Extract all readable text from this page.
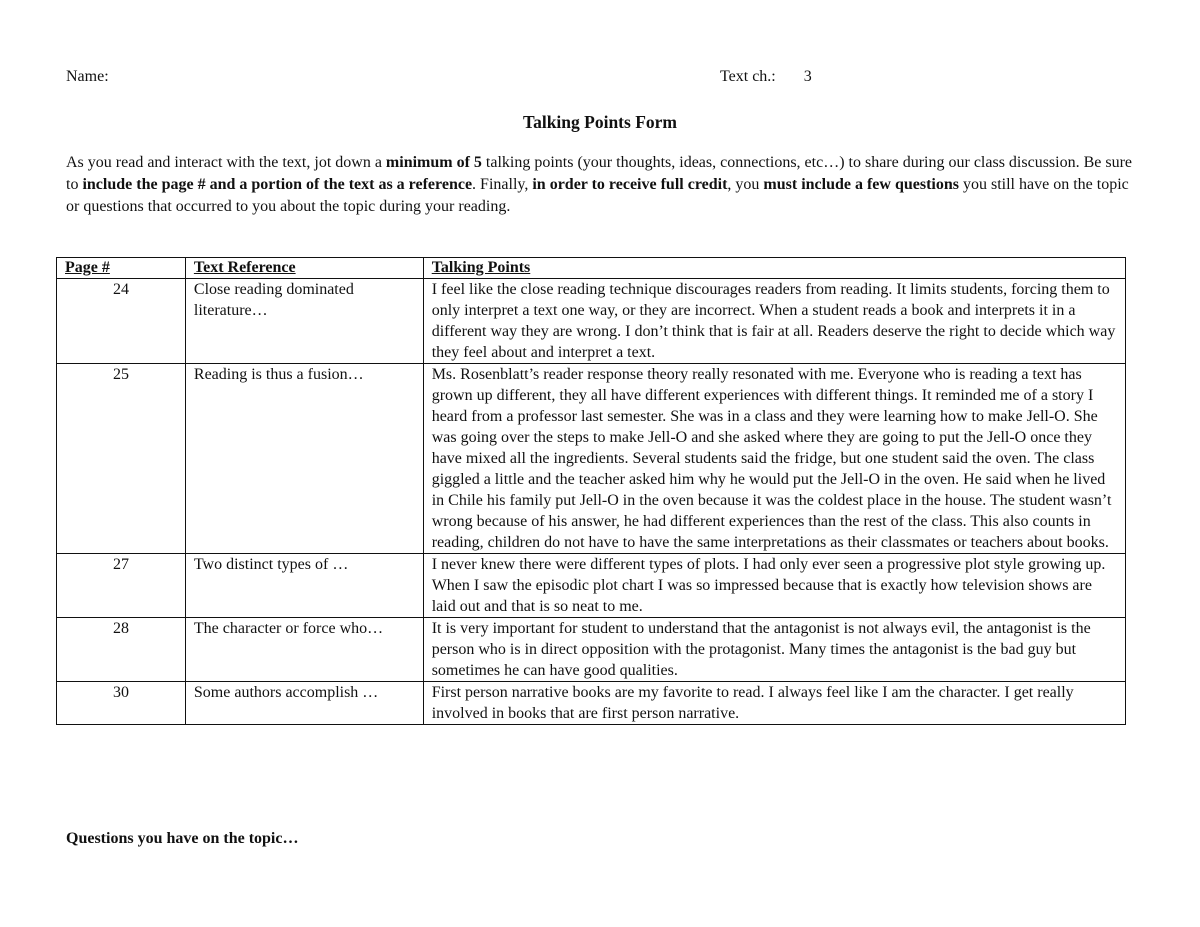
Name:	Text ch.: 3
Talking Points Form
As you read and interact with the text, jot down a minimum of 5 talking points (your thoughts, ideas, connections, etc…) to share during our class discussion. Be sure to include the page # and a portion of the text as a reference. Finally, in order to receive full credit, you must include a few questions you still have on the topic or questions that occurred to you about the topic during your reading.
Page #	Text Reference	Talking Points
24	Close reading dominated literature…	I feel like the close reading technique discourages readers from reading. It limits students, forcing them to only interpret a text one way, or they are incorrect. When a student reads a book and interprets it in a different way they are wrong. I don’t think that is fair at all. Readers deserve the right to decide which way they feel about and interpret a text.
25	Reading is thus a fusion…	Ms. Rosenblatt’s reader response theory really resonated with me. Everyone who is reading a text has grown up different, they all have different experiences with different things. It reminded me of a story I heard from a professor last semester. She was in a class and they were learning how to make Jell-O. She was going over the steps to make Jell-O and she asked where they are going to put the Jell-O once they have mixed all the ingredients. Several students said the fridge, but one student said the oven. The class giggled a little and the teacher asked him why he would put the Jell-O in the oven. He said when he lived in Chile his family put Jell-O in the oven because it was the coldest place in the house. The student wasn’t wrong because of his answer, he had different experiences than the rest of the class. This also counts in reading, children do not have to have the same interpretations as their classmates or teachers about books.
27	Two distinct types of …	I never knew there were different types of plots. I had only ever seen a progressive plot style growing up. When I saw the episodic plot chart I was so impressed because that is exactly how television shows are laid out and that is so neat to me.
28	The character or force who…	It is very important for student to understand that the antagonist is not always evil, the antagonist is the person who is in direct opposition with the protagonist. Many times the antagonist is the bad guy but sometimes he can have good qualities.
30	Some authors accomplish …	First person narrative books are my favorite to read. I always feel like I am the character. I get really involved in books that are first person narrative.
Questions you have on the topic…
